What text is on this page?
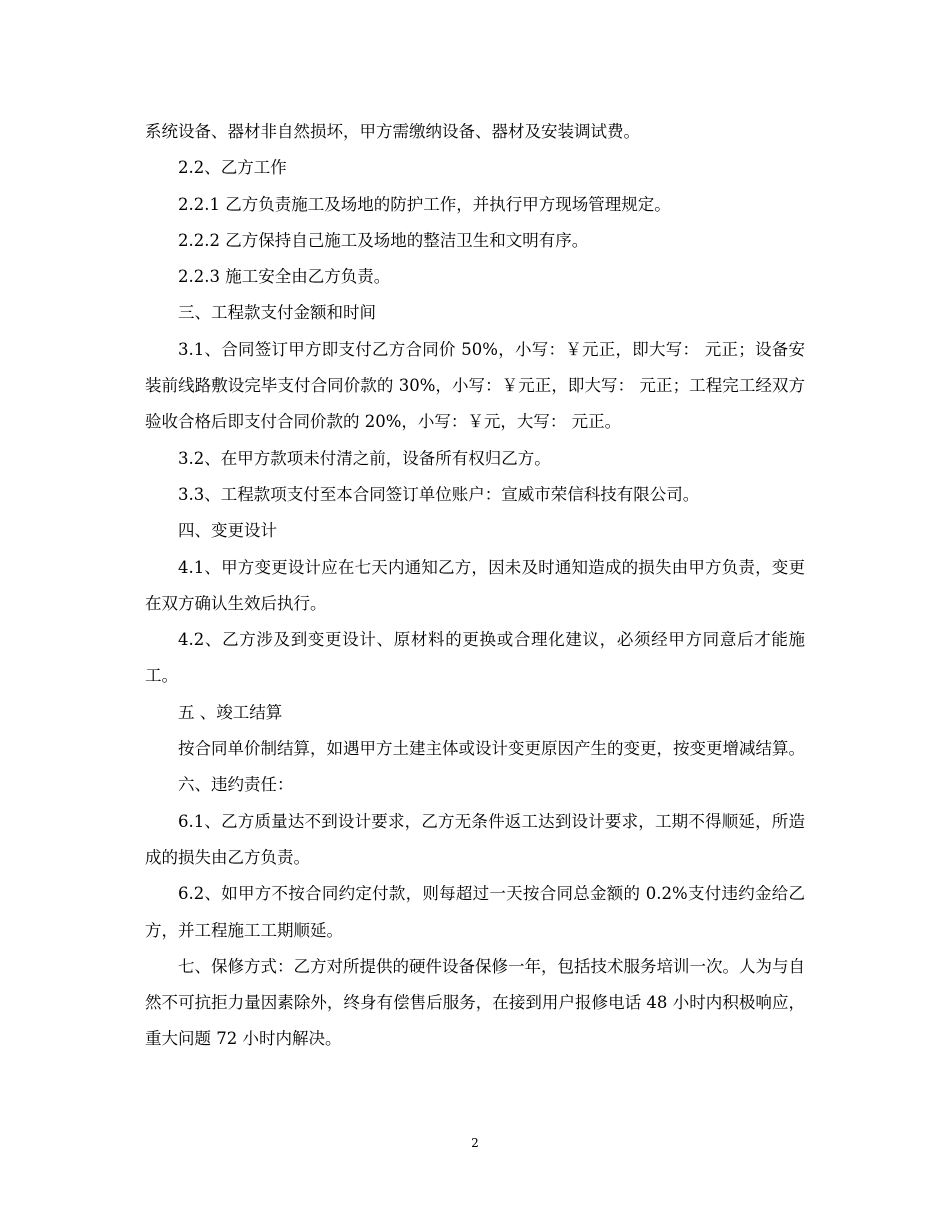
系统设备、器材非自然损坏，甲方需缴纳设备、器材及安装调试费。

2.2、乙方工作

2.2.1 乙方负责施工及场地的防护工作，并执行甲方现场管理规定。

2.2.2 乙方保持自己施工及场地的整洁卫生和文明有序。

2.2.3 施工安全由乙方负责。

三、工程款支付金额和时间

3.1、合同签订甲方即支付乙方合同价 50%，小写：￥元正，即大写： 元正；设备安装前线路敷设完毕支付合同价款的 30%，小写：￥元正，即大写： 元正；工程完工经双方验收合格后即支付合同价款的 20%，小写：￥元，大写： 元正。

3.2、在甲方款项未付清之前，设备所有权归乙方。

3.3、工程款项支付至本合同签订单位账户：宣威市荣信科技有限公司。

四、变更设计

4.1、甲方变更设计应在七天内通知乙方，因未及时通知造成的损失由甲方负责，变更在双方确认生效后执行。

4.2、乙方涉及到变更设计、原材料的更换或合理化建议，必须经甲方同意后才能施工。

五 、竣工结算

按合同单价制结算，如遇甲方土建主体或设计变更原因产生的变更，按变更增减结算。

六、违约责任：

6.1、乙方质量达不到设计要求，乙方无条件返工达到设计要求，工期不得顺延，所造成的损失由乙方负责。

6.2、如甲方不按合同约定付款，则每超过一天按合同总金额的 0.2%支付违约金给乙方，并工程施工工期顺延。

七、保修方式：乙方对所提供的硬件设备保修一年，包括技术服务培训一次。人为与自然不可抗拒力量因素除外，终身有偿售后服务，在接到用户报修电话 48 小时内积极响应，重大问题 72 小时内解决。

2
